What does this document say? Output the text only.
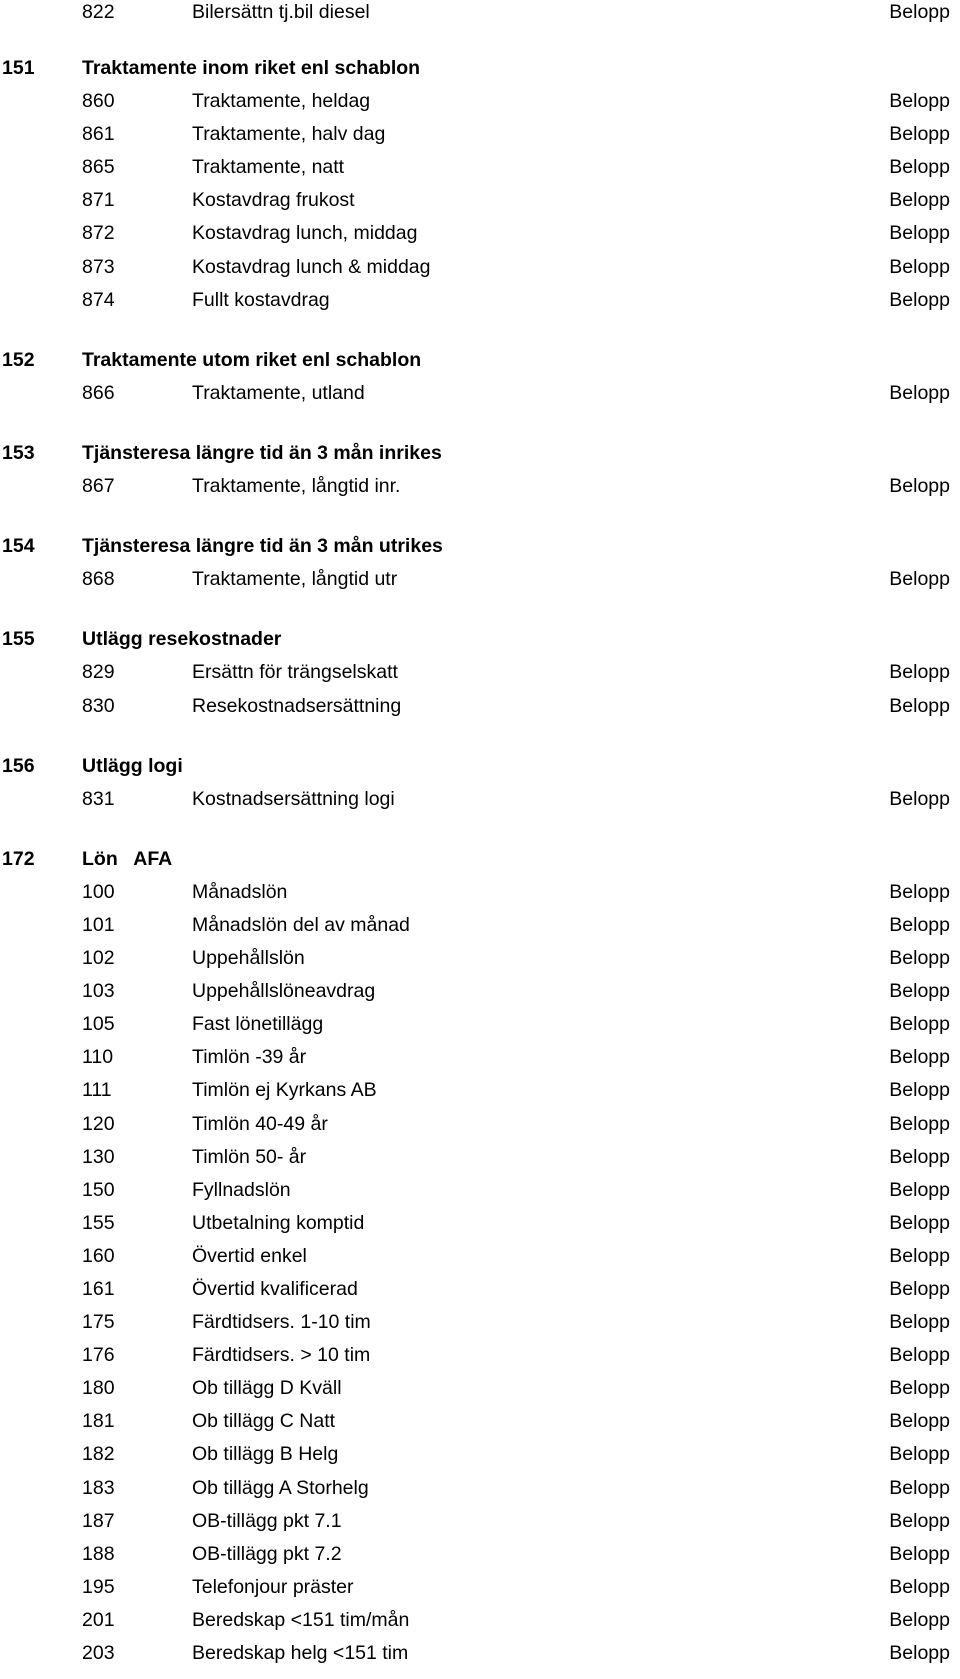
822	Bilersättn tj.bil diesel	Belopp
151 Traktamente inom riket enl schablon
860	Traktamente, heldag	Belopp
861	Traktamente, halv dag	Belopp
865	Traktamente, natt	Belopp
871	Kostavdrag frukost	Belopp
872	Kostavdrag lunch, middag	Belopp
873	Kostavdrag lunch & middag	Belopp
874	Fullt kostavdrag	Belopp
152 Traktamente utom riket enl schablon
866	Traktamente, utland	Belopp
153 Tjänsteresa längre tid än 3 mån inrikes
867	Traktamente, långtid inr.	Belopp
154 Tjänsteresa längre tid än 3 mån utrikes
868	Traktamente, långtid utr	Belopp
155 Utlägg resekostnader
829	Ersättn för trängselskatt	Belopp
830	Resekostnadsersättning	Belopp
156 Utlägg logi
831	Kostnadsersättning logi	Belopp
172 Lön   AFA
100	Månadslön	Belopp
101	Månadslön del av månad	Belopp
102	Uppehållslön	Belopp
103	Uppehållslöneavdrag	Belopp
105	Fast lönetillägg	Belopp
110	Timlön -39 år	Belopp
111	Timlön ej Kyrkans AB	Belopp
120	Timlön 40-49 år	Belopp
130	Timlön 50- år	Belopp
150	Fyllnadslön	Belopp
155	Utbetalning komptid	Belopp
160	Övertid enkel	Belopp
161	Övertid kvalificerad	Belopp
175	Färdtidsers. 1-10 tim	Belopp
176	Färdtidsers. > 10 tim	Belopp
180	Ob tillägg D Kväll	Belopp
181	Ob tillägg C Natt	Belopp
182	Ob tillägg B Helg	Belopp
183	Ob tillägg A Storhelg	Belopp
187	OB-tillägg pkt 7.1	Belopp
188	OB-tillägg pkt 7.2	Belopp
195	Telefonjour präster	Belopp
201	Beredskap <151 tim/mån	Belopp
203	Beredskap helg <151 tim	Belopp
